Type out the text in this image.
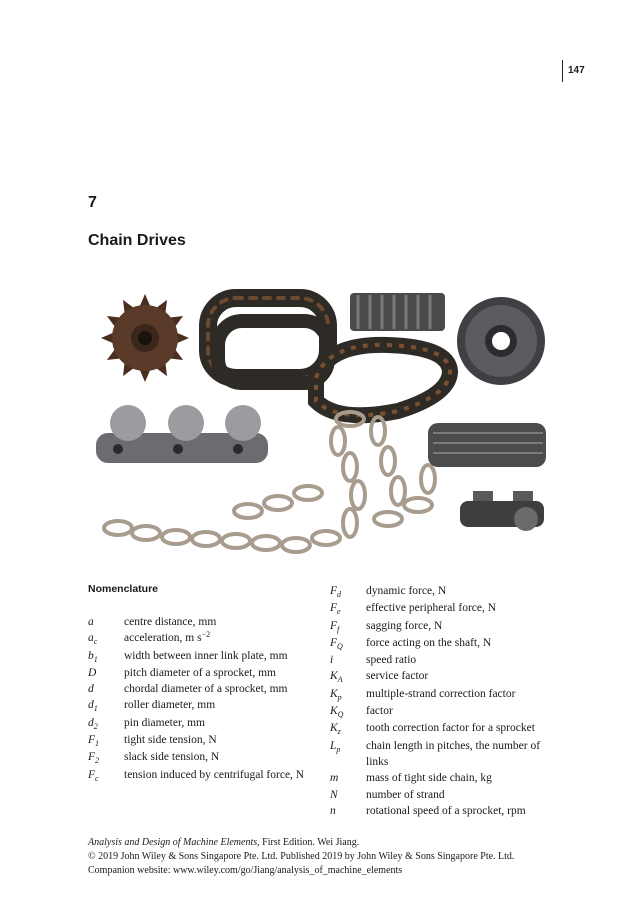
147
7
Chain Drives
Nomenclature
a	centre distance, mm
$a_c$	acceleration, m $s^{-2}$
$b_1$	width between inner link plate, mm
D	pitch diameter of a sprocket, mm
d	chordal diameter of a sprocket, mm
$d_1$	roller diameter, mm
$d_2$	pin diameter, mm
$F_1$	tight side tension, N
$F_2$	slack side tension, N
$F_c$	tension induced by centrifugal force, N
$F_d$	dynamic force, N
$F_e$	effective peripheral force, N
$F_f$	sagging force, N
$F_Q$	force acting on the shaft, N
i	speed ratio
$K_A$	service factor
$K_p$	multiple-strand correction factor
$K_Q$	factor
$K_z$	tooth correction factor for a sprocket
$L_p$	chain length in pitches, the number of links
m	mass of tight side chain, kg
N	number of strand
n	rotational speed of a sprocket, rpm
Analysis and Design of Machine Elements, First Edition. Wei Jiang.
© 2019 John Wiley & Sons Singapore Pte. Ltd. Published 2019 by John Wiley & Sons Singapore Pte. Ltd.
Companion website: www.wiley.com/go/Jiang/analysis_of_machine_elements
